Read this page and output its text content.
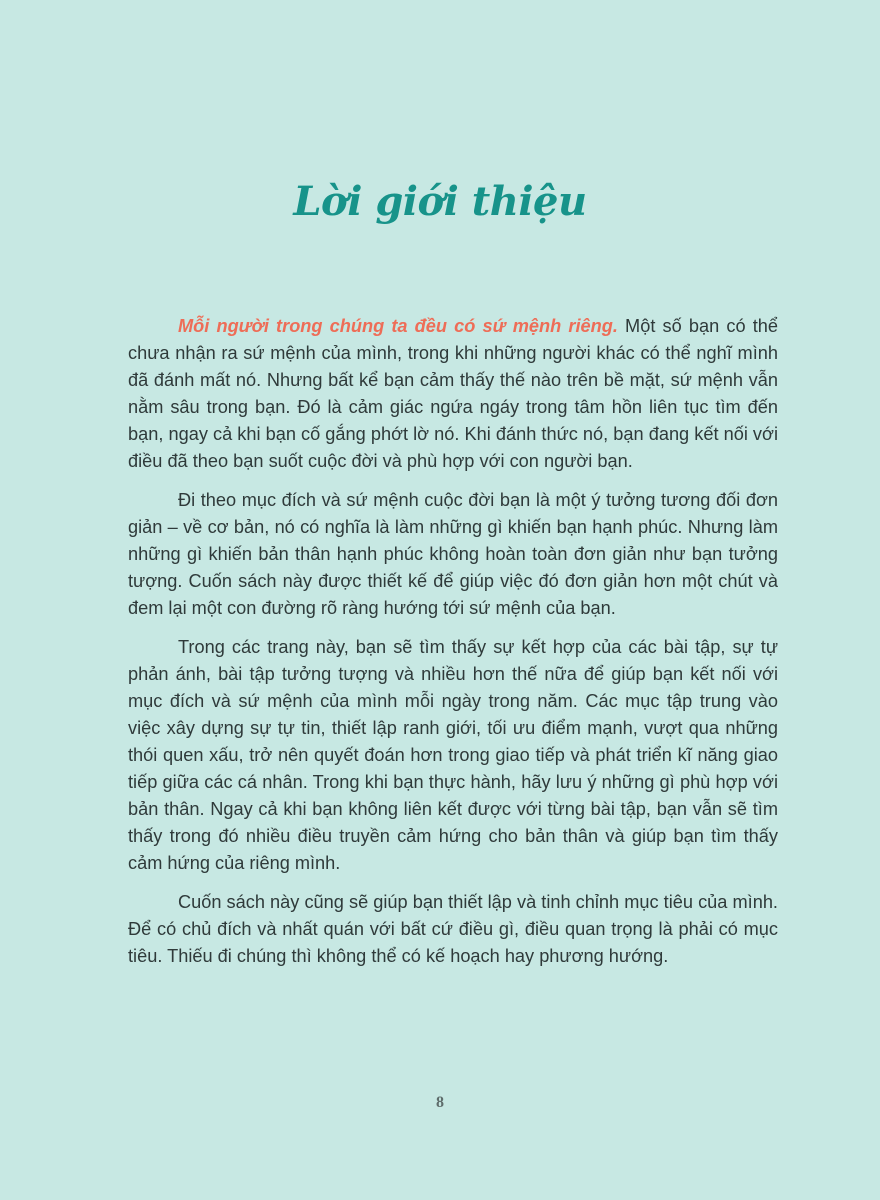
Lời giới thiệu

Mỗi người trong chúng ta đều có sứ mệnh riêng. Một số bạn có thể chưa nhận ra sứ mệnh của mình, trong khi những người khác có thể nghĩ mình đã đánh mất nó. Nhưng bất kể bạn cảm thấy thế nào trên bề mặt, sứ mệnh vẫn nằm sâu trong bạn. Đó là cảm giác ngứa ngáy trong tâm hồn liên tục tìm đến bạn, ngay cả khi bạn cố gắng phớt lờ nó. Khi đánh thức nó, bạn đang kết nối với điều đã theo bạn suốt cuộc đời và phù hợp với con người bạn.

Đi theo mục đích và sứ mệnh cuộc đời bạn là một ý tưởng tương đối đơn giản – về cơ bản, nó có nghĩa là làm những gì khiến bạn hạnh phúc. Nhưng làm những gì khiến bản thân hạnh phúc không hoàn toàn đơn giản như bạn tưởng tượng. Cuốn sách này được thiết kế để giúp việc đó đơn giản hơn một chút và đem lại một con đường rõ ràng hướng tới sứ mệnh của bạn.

Trong các trang này, bạn sẽ tìm thấy sự kết hợp của các bài tập, sự tự phản ánh, bài tập tưởng tượng và nhiều hơn thế nữa để giúp bạn kết nối với mục đích và sứ mệnh của mình mỗi ngày trong năm. Các mục tập trung vào việc xây dựng sự tự tin, thiết lập ranh giới, tối ưu điểm mạnh, vượt qua những thói quen xấu, trở nên quyết đoán hơn trong giao tiếp và phát triển kĩ năng giao tiếp giữa các cá nhân. Trong khi bạn thực hành, hãy lưu ý những gì phù hợp với bản thân. Ngay cả khi bạn không liên kết được với từng bài tập, bạn vẫn sẽ tìm thấy trong đó nhiều điều truyền cảm hứng cho bản thân và giúp bạn tìm thấy cảm hứng của riêng mình.

Cuốn sách này cũng sẽ giúp bạn thiết lập và tinh chỉnh mục tiêu của mình. Để có chủ đích và nhất quán với bất cứ điều gì, điều quan trọng là phải có mục tiêu. Thiếu đi chúng thì không thể có kế hoạch hay phương hướng.

8
